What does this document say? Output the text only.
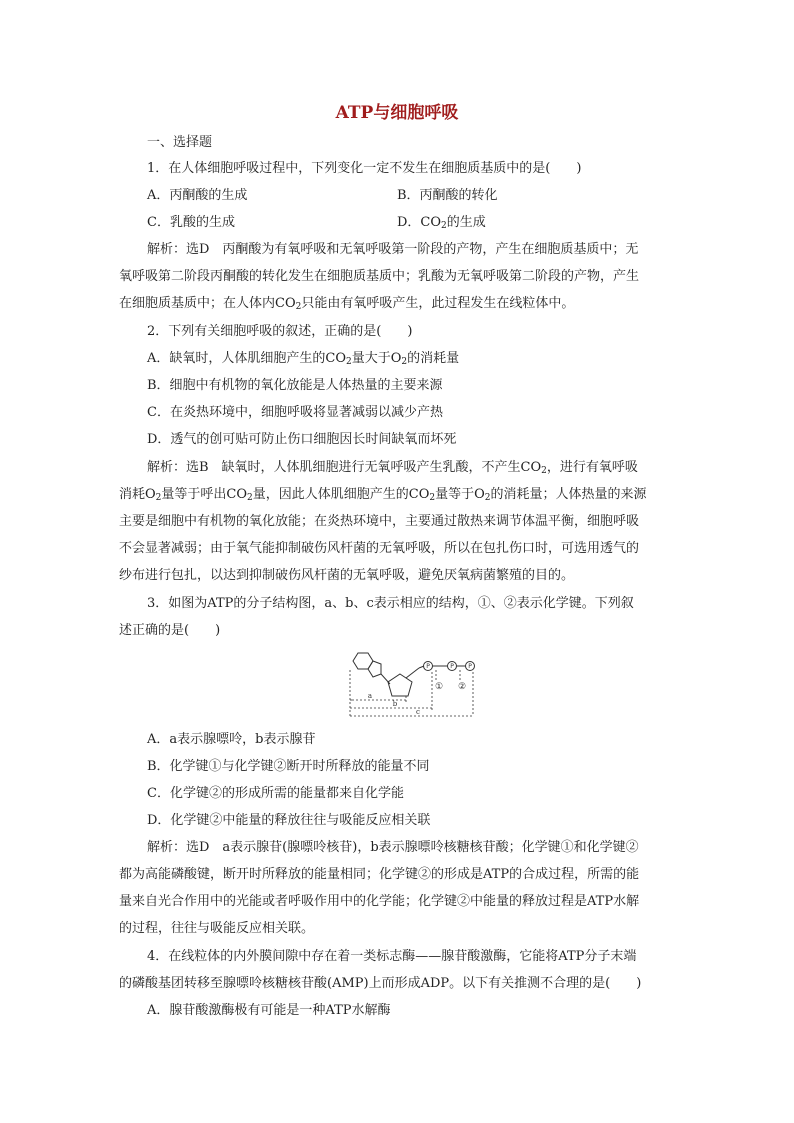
ATP与细胞呼吸
一、选择题
1．在人体细胞呼吸过程中，下列变化一定不发生在细胞质基质中的是(　　)
A．丙酮酸的生成	B．丙酮酸的转化
C．乳酸的生成	D．$CO_2$的生成
解析：选D　丙酮酸为有氧呼吸和无氧呼吸第一阶段的产物，产生在细胞质基质中；无
氧呼吸第二阶段丙酮酸的转化发生在细胞质基质中；乳酸为无氧呼吸第二阶段的产物，产生
在细胞质基质中；在人体内$CO_2$只能由有氧呼吸产生，此过程发生在线粒体中。
2．下列有关细胞呼吸的叙述，正确的是(　　)
A．缺氧时，人体肌细胞产生的$CO_2$量大于$O_2$的消耗量
B．细胞中有机物的氧化放能是人体热量的主要来源
C．在炎热环境中，细胞呼吸将显著减弱以减少产热
D．透气的创可贴可防止伤口细胞因长时间缺氧而坏死
解析：选B　缺氧时，人体肌细胞进行无氧呼吸产生乳酸，不产生$CO_2$，进行有氧呼吸
消耗$O_2$量等于呼出$CO_2$量，因此人体肌细胞产生的$CO_2$量等于$O_2$的消耗量；人体热量的来源
主要是细胞中有机物的氧化放能；在炎热环境中，主要通过散热来调节体温平衡，细胞呼吸
不会显著减弱；由于氧气能抑制破伤风杆菌的无氧呼吸，所以在包扎伤口时，可选用透气的
纱布进行包扎，以达到抑制破伤风杆菌的无氧呼吸，避免厌氧病菌繁殖的目的。
3．如图为ATP的分子结构图，a、b、c表示相应的结构，①、②表示化学键。下列叙
述正确的是(　　)
P	P P
① ②
a
b
c
A．a表示腺嘌呤，b表示腺苷
B．化学键①与化学键②断开时所释放的能量不同
C．化学键②的形成所需的能量都来自化学能
D．化学键②中能量的释放往往与吸能反应相关联
解析：选D　a表示腺苷(腺嘌呤核苷)，b表示腺嘌呤核糖核苷酸；化学键①和化学键②
都为高能磷酸键，断开时所释放的能量相同；化学键②的形成是ATP的合成过程，所需的能
量来自光合作用中的光能或者呼吸作用中的化学能；化学键②中能量的释放过程是ATP水解
的过程，往往与吸能反应相关联。
4．在线粒体的内外膜间隙中存在着一类标志酶——腺苷酸激酶，它能将ATP分子末端
的磷酸基团转移至腺嘌呤核糖核苷酸(AMP)上而形成ADP。以下有关推测不合理的是(　　)
A．腺苷酸激酶极有可能是一种ATP水解酶
